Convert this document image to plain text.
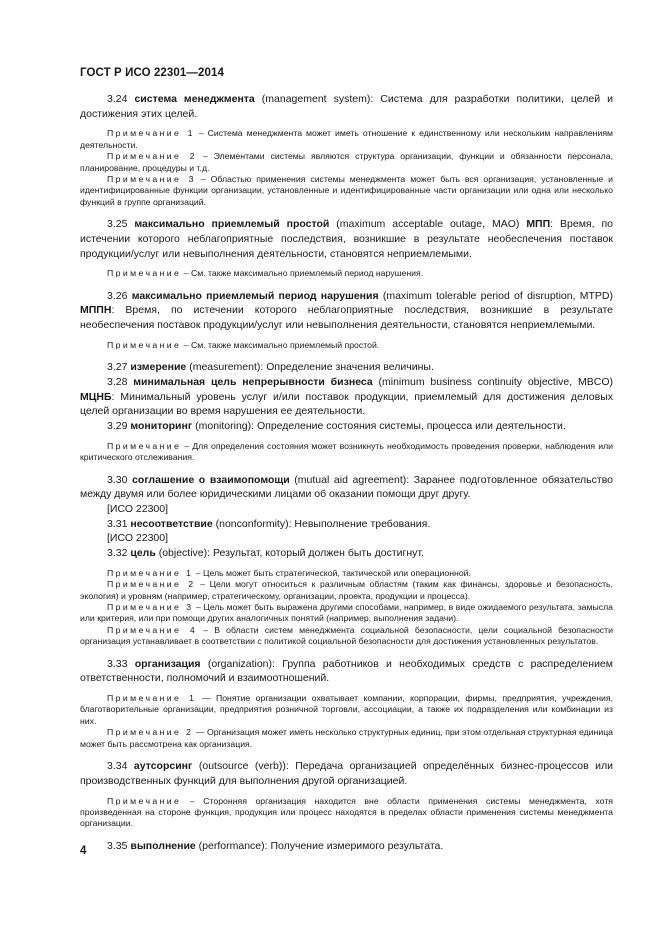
ГОСТ Р ИСО 22301—2014

3.24 система менеджмента (management system): Система для разработки политики, целей и достижения этих целей.

Примечание 1 – Система менеджмента может иметь отношение к единственному или нескольким направлениям деятельности.

Примечание 2 – Элементами системы являются структура организации, функции и обязанности персонала, планирование, процедуры и т.д.

Примечание 3 – Областью применения системы менеджмента может быть вся организация, установленные и идентифицированные функции организации, установленные и идентифицированные части организации или одна или несколько функций в группе организаций.

3.25 максимально приемлемый простой (maximum acceptable outage, MAO) МПП: Время, по истечении которого неблагоприятные последствия, возникшие в результате необеспечения поставок продукции/услуг или невыполнения деятельности, становятся неприемлемыми.

Примечание – См. также максимально приемлемый период нарушения.

3.26 максимально приемлемый период нарушения (maximum tolerable period of disruption, MTPD) МППН: Время, по истечении которого неблагоприятные последствия, возникшие в результате необеспечения поставок продукции/услуг или невыполнения деятельности, становятся неприемлемыми.

Примечание – См. также максимально приемлемый простой.

3.27 измерение (measurement): Определение значения величины.

3.28 минимальная цель непрерывности бизнеса (minimum business continuity objective, MBCO) МЦНБ: Минимальный уровень услуг и/или поставок продукции, приемлемый для достижения деловых целей организации во время нарушения ее деятельности.

3.29 мониторинг (monitoring): Определение состояния системы, процесса или деятельности.

Примечание – Для определения состояния может возникнуть необходимость проведения проверки, наблюдения или критического отслеживания.

3.30 соглашение о взаимопомощи (mutual aid agreement): Заранее подготовленное обязательство между двумя или более юридическими лицами об оказании помощи друг другу.

[ИСО 22300]

3.31 несоответствие (nonconformity): Невыполнение требования.

[ИСО 22300]

3.32 цель (objective): Результат, который должен быть достигнут.

Примечание 1 – Цель может быть стратегической, тактической или операционной.

Примечание 2 – Цели могут относиться к различным областям (таким как финансы, здоровье и безопасность, экология) и уровням (например, стратегическому, организации, проекта, продукции и процесса).

Примечание 3 – Цель может быть выражена другими способами, например, в виде ожидаемого результата, замысла или критерия, или при помощи других аналогичных понятий (например, выполнения задачи).

Примечание 4 – В области систем менеджмента социальной безопасности, цели социальной безопасности организация устанавливает в соответствии с политикой социальной безопасности для достижения установленных результатов.

3.33 организация (organization): Группа работников и необходимых средств с распределением ответственности, полномочий и взаимоотношений.

Примечание 1 — Понятие организации охватывает компании, корпорации, фирмы, предприятия, учреждения, благотворительные организации, предприятия розничной торговли, ассоциации, а также их подразделения или комбинации из них.

Примечание 2 — Организация может иметь несколько структурных единиц, при этом отдельная структурная единица может быть рассмотрена как организация.

3.34 аутсорсинг (outsource (verb)): Передача организацией определённых бизнес-процессов или производственных функций для выполнения другой организацией.

Примечание – Сторонняя организация находится вне области применения системы менеджмента, хотя произведенная на стороне функция, продукция или процесс находятся в пределах области применения системы менеджмента организации.

3.35 выполнение (performance): Получение измеримого результата.

4
